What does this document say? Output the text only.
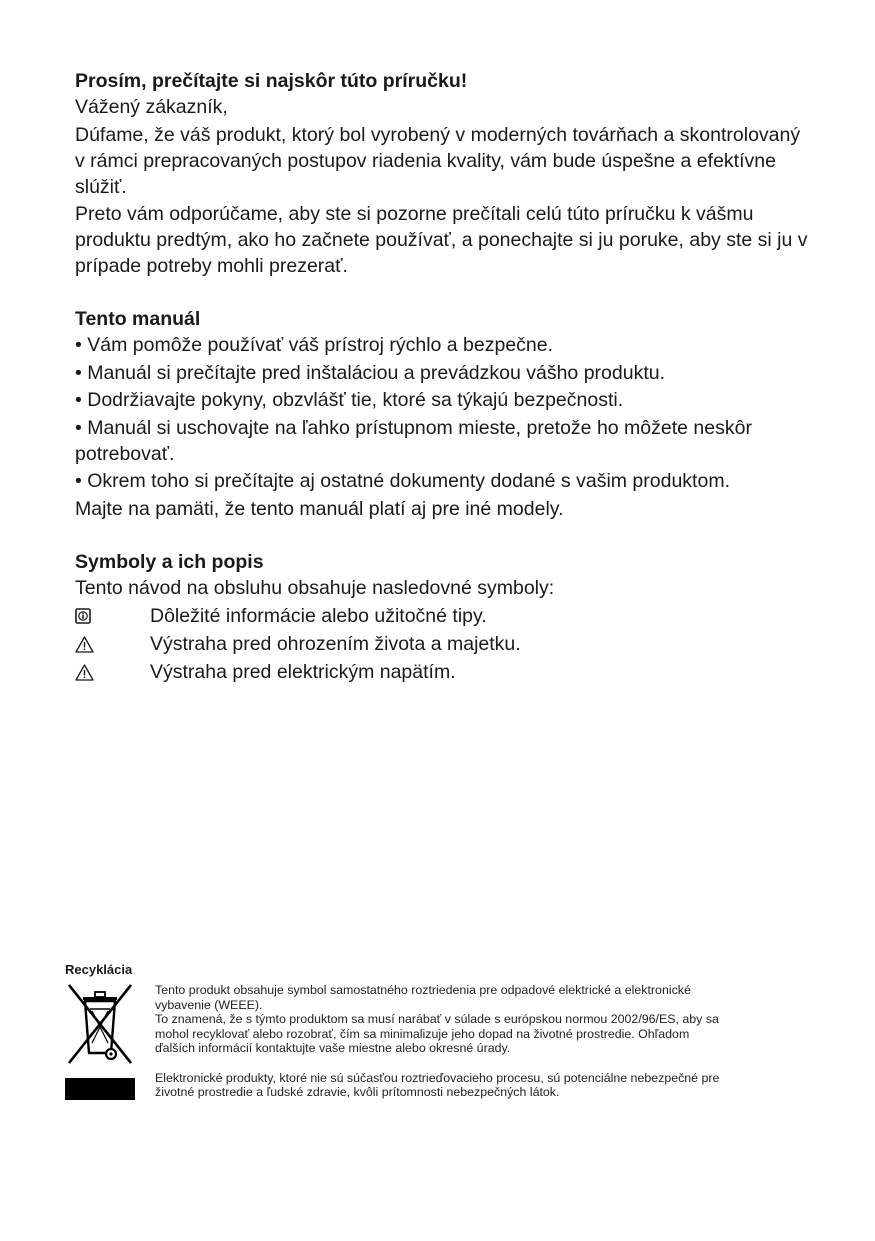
Prosím, prečítajte si najskôr túto príručku!

Vážený zákazník,

Dúfame, že váš produkt, ktorý bol vyrobený v moderných továrňach a skontrolovaný v rámci prepracovaných postupov riadenia kvality, vám bude úspešne a efektívne slúžiť.

Preto vám odporúčame, aby ste si pozorne prečítali celú túto príručku k vášmu produktu predtým, ako ho začnete používať, a ponechajte si ju poruke, aby ste si ju v prípade potreby mohli prezerať.

Tento manuál

• Vám pomôže používať váš prístroj rýchlo a bezpečne.

• Manuál si prečítajte pred inštaláciou a prevádzkou vášho produktu.

• Dodržiavajte pokyny, obzvlášť tie, ktoré sa týkajú bezpečnosti.

• Manuál si uschovajte na ľahko prístupnom mieste, pretože ho môžete neskôr potrebovať.

• Okrem toho si prečítajte aj ostatné dokumenty dodané s vašim produktom.

Majte na pamäti, že tento manuál platí aj pre iné modely.

Symboly a ich popis

Tento návod na obsluhu obsahuje nasledovné symboly:

Dôležité informácie alebo užitočné tipy.
Výstraha pred ohrozením života a majetku.
Výstraha pred elektrickým napätím.

Recyklácia

Tento produkt obsahuje symbol samostatného roztriedenia pre odpadové elektrické a elektronické

vybavenie (WEEE).

To znamená, že s týmto produktom sa musí narábať v súlade s európskou normou 2002/96/ES, aby sa

mohol recyklovať alebo rozobrať, čím sa minimalizuje jeho dopad na životné prostredie. Ohľadom

ďalších informácií kontaktujte vaše miestne alebo okresné úrady.

Elektronické produkty, ktoré nie sú súčasťou roztrieďovacieho procesu, sú potenciálne nebezpečné pre

životné prostredie a ľudské zdravie, kvôli prítomnosti nebezpečných látok.
